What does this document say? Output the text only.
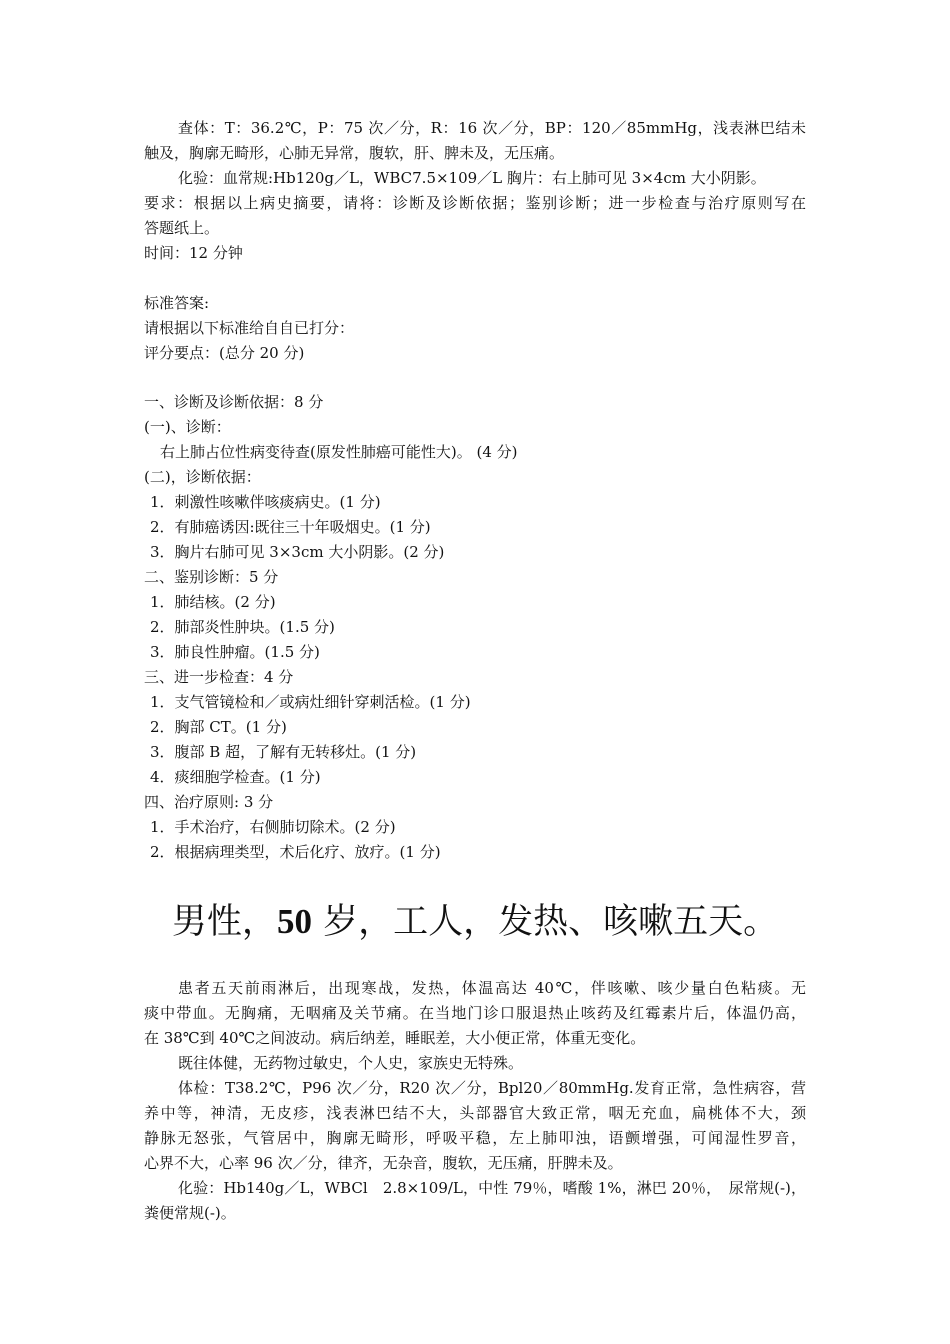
查体：T：36.2℃，P：75 次／分，R：16 次／分，BP：120／85mmHg，浅表淋巴结未
触及，胸廓无畸形，心肺无异常，腹软，肝、脾未及，无压痛。
化验：血常规:Hb120g／L，WBC7.5×109／L 胸片：右上肺可见 3×4cm 大小阴影。
要求：根据以上病史摘要，请将：诊断及诊断依据；鉴别诊断；进一步检查与治疗原则写在
答题纸上。
时间：12 分钟
标准答案:
请根据以下标准给自自已打分：
评分要点：(总分 20 分)
一、诊断及诊断依据：8 分
(一)、诊断：
右上肺占位性病变待查(原发性肺癌可能性大)。 (4 分)
(二)，诊断依据：
1．刺激性咳嗽伴咳痰病史。(1 分)
2．有肺癌诱因:既往三十年吸烟史。(1 分)
3．胸片右肺可见 3×3cm 大小阴影。(2 分)
二、鉴别诊断：5 分
1．肺结核。(2 分)
2．肺部炎性肿块。(1.5 分)
3．肺良性肿瘤。(1.5 分)
三、进一步检查：4 分
1．支气管镜检和／或病灶细针穿刺活检。(1 分)
2．胸部 CT。(1 分)
3．腹部 B 超，了解有无转移灶。(1 分)
4．痰细胞学检查。(1 分)
四、治疗原则: 3 分
1．手术治疗，右侧肺切除术。(2 分)
2．根据病理类型，术后化疗、放疗。(1 分)
男性，50 岁，工人，发热、咳嗽五天。
患者五天前雨淋后，出现寒战，发热，体温高达 40℃，伴咳嗽、咳少量白色粘痰。无
痰中带血。无胸痛，无咽痛及关节痛。在当地门诊口服退热止咳药及红霉素片后，体温仍高，
在 38℃到 40℃之间波动。病后纳差，睡眠差，大小便正常，体重无变化。
既往体健，无药物过敏史，个人史，家族史无特殊。
体检：T38.2℃，P96 次／分，R20 次／分，Bpl20／80mmHg.发育正常，急性病容，营
养中等，神清，无皮疹，浅表淋巴结不大，头部器官大致正常，咽无充血，扁桃体不大，颈
静脉无怒张，气管居中，胸廓无畸形，呼吸平稳，左上肺叩浊，语颤增强，可闻湿性罗音，
心界不大，心率 96 次／分，律齐，无杂音，腹软，无压痛，肝脾未及。
化验：Hb140g／L，WBCl　2.8×109/L，中性 79％，嗜酸 1%，淋巴 20％，　尿常规(-)，
粪便常规(-)。
